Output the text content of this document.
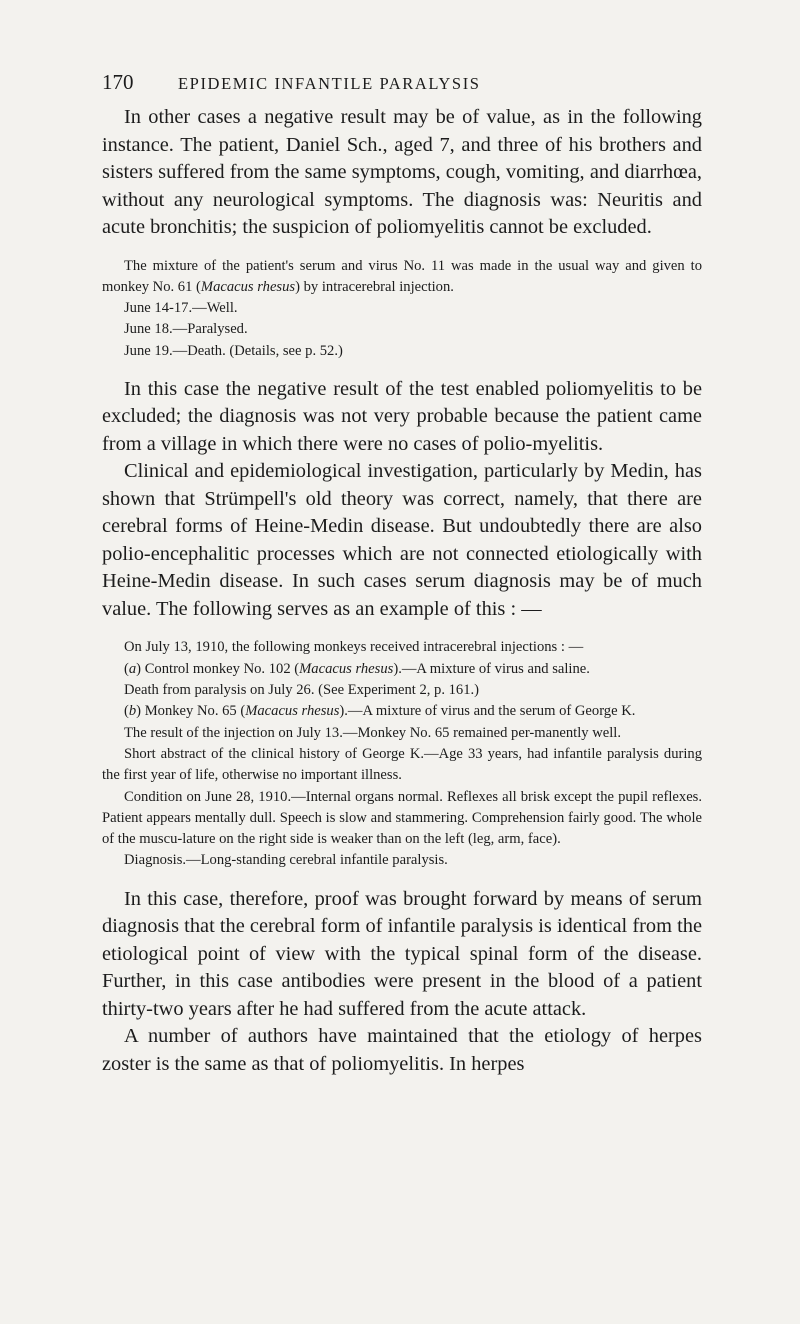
170	EPIDEMIC INFANTILE PARALYSIS

In other cases a negative result may be of value, as in the following instance. The patient, Daniel Sch., aged 7, and three of his brothers and sisters suffered from the same symptoms, cough, vomiting, and diarrhœa, without any neurological symptoms. The diagnosis was: Neuritis and acute bronchitis; the suspicion of poliomyelitis cannot be excluded.

The mixture of the patient's serum and virus No. 11 was made in the usual way and given to monkey No. 61 (Macacus rhesus) by intracerebral injection.

June 14-17.—Well.

June 18.—Paralysed.

June 19.—Death. (Details, see p. 52.)

In this case the negative result of the test enabled poliomyelitis to be excluded; the diagnosis was not very probable because the patient came from a village in which there were no cases of polio-myelitis.

Clinical and epidemiological investigation, particularly by Medin, has shown that Strümpell's old theory was correct, namely, that there are cerebral forms of Heine-Medin disease. But undoubtedly there are also polio-encephalitic processes which are not connected etiologically with Heine-Medin disease. In such cases serum diagnosis may be of much value. The following serves as an example of this : —

On July 13, 1910, the following monkeys received intracerebral injections : —

(a) Control monkey No. 102 (Macacus rhesus).—A mixture of virus and saline.

Death from paralysis on July 26. (See Experiment 2, p. 161.)

(b) Monkey No. 65 (Macacus rhesus).—A mixture of virus and the serum of George K.

The result of the injection on July 13.—Monkey No. 65 remained per-manently well.

Short abstract of the clinical history of George K.—Age 33 years, had infantile paralysis during the first year of life, otherwise no important illness.

Condition on June 28, 1910.—Internal organs normal. Reflexes all brisk except the pupil reflexes. Patient appears mentally dull. Speech is slow and stammering. Comprehension fairly good. The whole of the muscu-lature on the right side is weaker than on the left (leg, arm, face).

Diagnosis.—Long-standing cerebral infantile paralysis.

In this case, therefore, proof was brought forward by means of serum diagnosis that the cerebral form of infantile paralysis is identical from the etiological point of view with the typical spinal form of the disease. Further, in this case antibodies were present in the blood of a patient thirty-two years after he had suffered from the acute attack.

A number of authors have maintained that the etiology of herpes zoster is the same as that of poliomyelitis. In herpes
